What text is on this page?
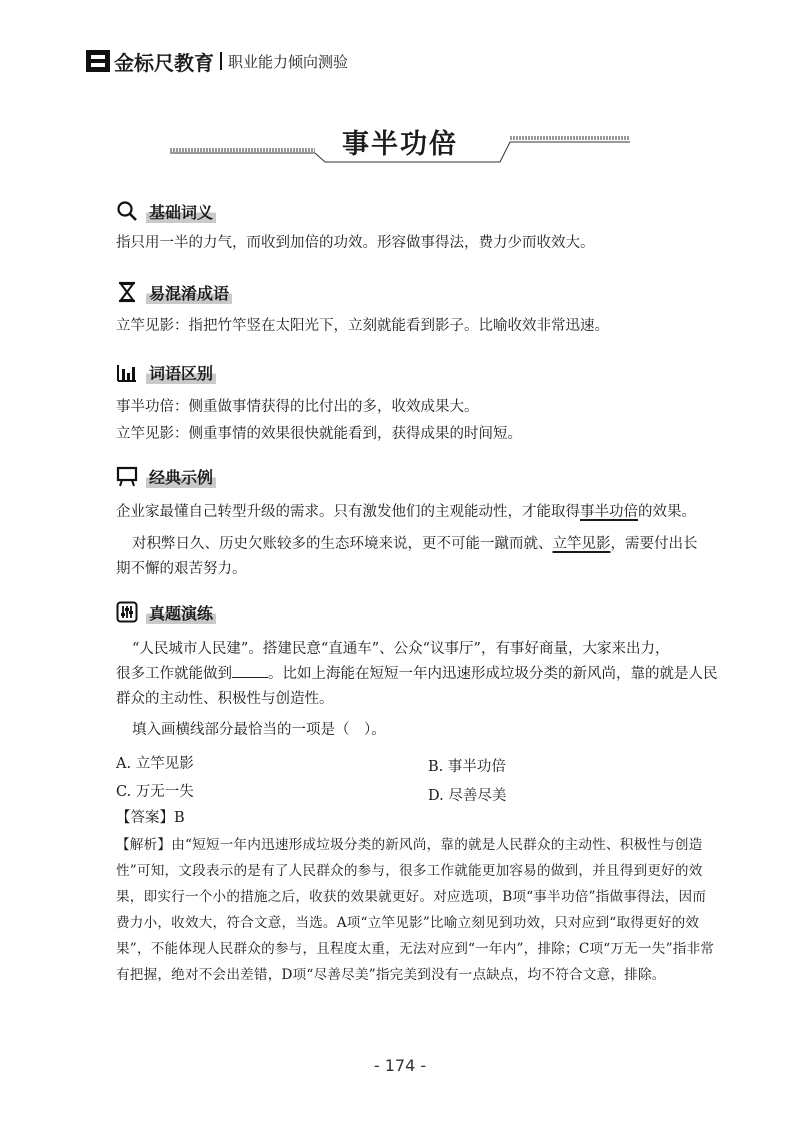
金标尺教育 职业能力倾向测验
事半功倍
基础词义
指只用一半的力气，而收到加倍的功效。形容做事得法，费力少而收效大。
易混淆成语
立竿见影：指把竹竿竖在太阳光下，立刻就能看到影子。比喻收效非常迅速。
词语区别
事半功倍：侧重做事情获得的比付出的多，收效成果大。
立竿见影：侧重事情的效果很快就能看到，获得成果的时间短。
经典示例
企业家最懂自己转型升级的需求。只有激发他们的主观能动性，才能取得事半功倍的效果。
对积弊日久、历史欠账较多的生态环境来说，更不可能一蹴而就、立竿见影，需要付出长
期不懈的艰苦努力。
真题演练
“人民城市人民建”。搭建民意“直通车”、公众“议事厅”，有事好商量，大家来出力，
很多工作就能做到 。比如上海能在短短一年内迅速形成垃圾分类的新风尚，靠的就是人民
群众的主动性、积极性与创造性。
填入画横线部分最恰当的一项是（　）。
A. 立竿见影	B. 事半功倍
C. 万无一失	D. 尽善尽美
【答案】B
【解析】由“短短一年内迅速形成垃圾分类的新风尚，靠的就是人民群众的主动性、积极性与创造性”可知，文段表示的是有了人民群众的参与，很多工作就能更加容易的做到，并且得到更好的效果，即实行一个小的措施之后，收获的效果就更好。对应选项，B项“事半功倍”指做事得法，因而费力小，收效大，符合文意，当选。A项“立竿见影”比喻立刻见到功效，只对应到“取得更好的效果”，不能体现人民群众的参与，且程度太重，无法对应到“一年内”，排除；C项“万无一失”指非常有把握，绝对不会出差错，D项“尽善尽美”指完美到没有一点缺点，均不符合文意，排除。
- 174 -
